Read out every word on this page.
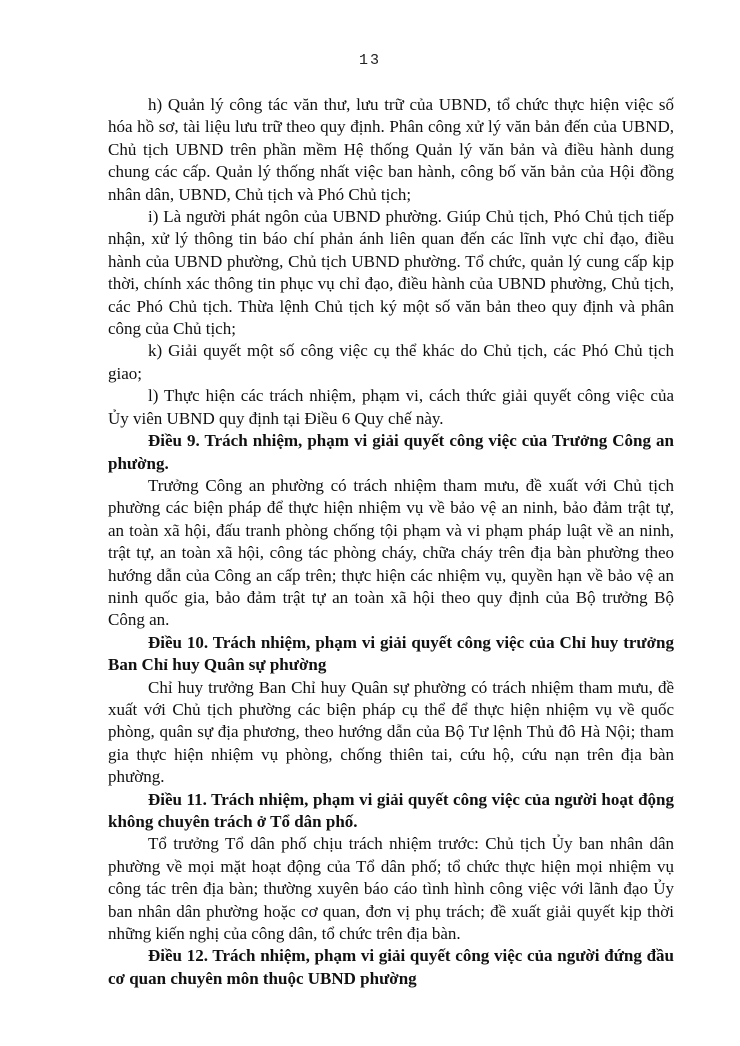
13

h) Quản lý công tác văn thư, lưu trữ của UBND, tổ chức thực hiện việc số hóa hồ sơ, tài liệu lưu trữ theo quy định. Phân công xử lý văn bản đến của UBND, Chủ tịch UBND trên phần mềm Hệ thống Quản lý văn bản và điều hành dung chung các cấp. Quản lý thống nhất việc ban hành, công bố văn bản của Hội đồng nhân dân, UBND, Chủ tịch và Phó Chủ tịch;

i) Là người phát ngôn của UBND phường. Giúp Chủ tịch, Phó Chủ tịch tiếp nhận, xử lý thông tin báo chí phản ánh liên quan đến các lĩnh vực chỉ đạo, điều hành của UBND phường, Chủ tịch UBND phường. Tổ chức, quản lý cung cấp kịp thời, chính xác thông tin phục vụ chỉ đạo, điều hành của UBND phường, Chủ tịch, các Phó Chủ tịch. Thừa lệnh Chủ tịch ký một số văn bản theo quy định và phân công của Chủ tịch;

k) Giải quyết một số công việc cụ thể khác do Chủ tịch, các Phó Chủ tịch giao;

l) Thực hiện các trách nhiệm, phạm vi, cách thức giải quyết công việc của Ủy viên UBND quy định tại Điều 6 Quy chế này.

Điều 9. Trách nhiệm, phạm vi giải quyết công việc của Trưởng Công an phường.

Trưởng Công an phường có trách nhiệm tham mưu, đề xuất với Chủ tịch phường các biện pháp để thực hiện nhiệm vụ về bảo vệ an ninh, bảo đảm trật tự, an toàn xã hội, đấu tranh phòng chống tội phạm và vi phạm pháp luật về an ninh, trật tự, an toàn xã hội, công tác phòng cháy, chữa cháy trên địa bàn phường theo hướng dẫn của Công an cấp trên; thực hiện các nhiệm vụ, quyền hạn về bảo vệ an ninh quốc gia, bảo đảm trật tự an toàn xã hội theo quy định của Bộ trưởng Bộ Công an.

Điều 10. Trách nhiệm, phạm vi giải quyết công việc của Chỉ huy trưởng Ban Chỉ huy Quân sự phường

Chỉ huy trưởng Ban Chỉ huy Quân sự phường có trách nhiệm tham mưu, đề xuất với Chủ tịch phường các biện pháp cụ thể để thực hiện nhiệm vụ về quốc phòng, quân sự địa phương, theo hướng dẫn của Bộ Tư lệnh Thủ đô Hà Nội; tham gia thực hiện nhiệm vụ phòng, chống thiên tai, cứu hộ, cứu nạn trên địa bàn phường.

Điều 11. Trách nhiệm, phạm vi giải quyết công việc của người hoạt động không chuyên trách ở Tổ dân phố.

Tổ trưởng Tổ dân phố chịu trách nhiệm trước: Chủ tịch Ủy ban nhân dân phường về mọi mặt hoạt động của Tổ dân phố; tổ chức thực hiện mọi nhiệm vụ công tác trên địa bàn; thường xuyên báo cáo tình hình công việc với lãnh đạo Ủy ban nhân dân phường hoặc cơ quan, đơn vị phụ trách; đề xuất giải quyết kịp thời những kiến nghị của công dân, tổ chức trên địa bàn.

Điều 12. Trách nhiệm, phạm vi giải quyết công việc của người đứng đầu cơ quan chuyên môn thuộc UBND phường
